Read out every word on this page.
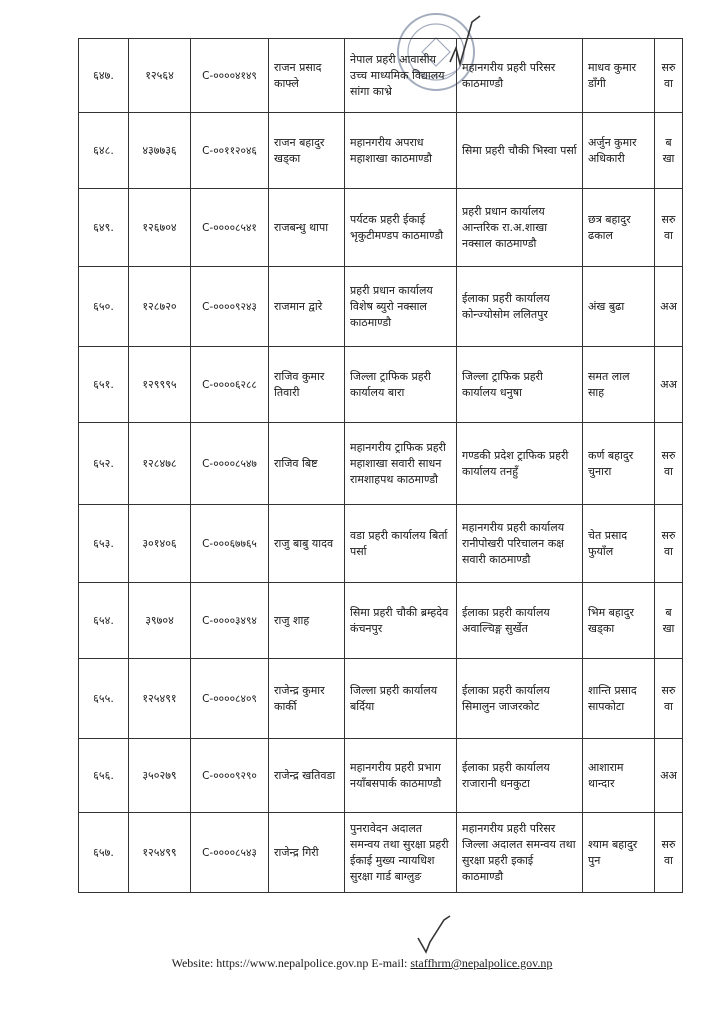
६४७.	१२५६४	C-००००४१४९	राजन प्रसाद काफ्ले	नेपाल प्रहरी आवासीय उच्च माध्यमिक विद्यालय सांगा काभ्रे	महानगरीय प्रहरी परिसर काठमाण्डौ	माधव कुमार डाँगी	सरुवा
६४८.	४३७७३६	C-००११२०४६	राजन बहादुर खड्का	महानगरीय अपराध महाशाखा काठमाण्डौ	सिमा प्रहरी चौकी भिस्वा पर्सा	अर्जुन कुमार अधिकारी	बखा
६४९.	१२६७०४	C-००००८५४१	राजबन्धु थापा	पर्यटक प्रहरी ईकाई भृकुटीमण्डप काठमाण्डौ	प्रहरी प्रधान कार्यालय आन्तरिक रा.अ.शाखा नक्साल काठमाण्डौ	छत्र बहादुर ढकाल	सरुवा
६५०.	१२८७२०	C-००००९२४३	राजमान द्वारे	प्रहरी प्रधान कार्यालय विशेष ब्युरो नक्साल काठमाण्डौ	ईलाका प्रहरी कार्यालय कोन्ज्योसोम ललितपुर	अंख बुढा	अअ
६५१.	१२९९९५	C-००००६२८८	राजिव कुमार तिवारी	जिल्ला ट्राफिक प्रहरी कार्यालय बारा	जिल्ला ट्राफिक प्रहरी कार्यालय धनुषा	समत लाल साह	अअ
६५२.	१२८४७८	C-००००८५४७	राजिव बिष्ट	महानगरीय ट्राफिक प्रहरी महाशाखा सवारी साधन रामशाहपथ काठमाण्डौ	गण्डकी प्रदेश ट्राफिक प्रहरी कार्यालय तनहुँ	कर्ण बहादुर चुनारा	सरुवा
६५३.	३०१४०६	C-०००६७७६५	राजु बाबु यादव	वडा प्रहरी कार्यालय बिर्ता पर्सा	महानगरीय प्रहरी कार्यालय रानीपोखरी परिचालन कक्ष सवारी काठमाण्डौ	चेत प्रसाद फुयाँल	सरुवा
६५४.	३९७०४	C-००००३४९४	राजु शाह	सिमा प्रहरी चौकी ब्रम्हदेव कंचनपुर	ईलाका प्रहरी कार्यालय अवाल्चिङ्ग सुर्खेत	भिम बहादुर खड्का	बखा
६५५.	१२५४९१	C-००००८४०९	राजेन्द्र कुमार कार्की	जिल्ला प्रहरी कार्यालय बर्दिया	ईलाका प्रहरी कार्यालय सिमालुन जाजरकोट	शान्ति प्रसाद सापकोटा	सरुवा
६५६.	३५०२७९	C-००००९२९०	राजेन्द्र खतिवडा	महानगरीय प्रहरी प्रभाग नयाँबसपार्क काठमाण्डौ	ईलाका प्रहरी कार्यालय राजारानी धनकुटा	आशाराम थान्दार	अअ
६५७.	१२५४९९	C-००००८५४३	राजेन्द्र गिरी	पुनरावेदन अदालत समन्वय तथा सुरक्षा प्रहरी ईकाई मुख्य न्यायधिश सुरक्षा गार्ड बाग्लुङ	महानगरीय प्रहरी परिसर जिल्ला अदालत समन्वय तथा सुरक्षा प्रहरी इकाई काठमाण्डौ	श्याम बहादुर पुन	सरुवा
Website: https://www.nepalpolice.gov.np E-mail: staffhrm@nepalpolice.gov.np
